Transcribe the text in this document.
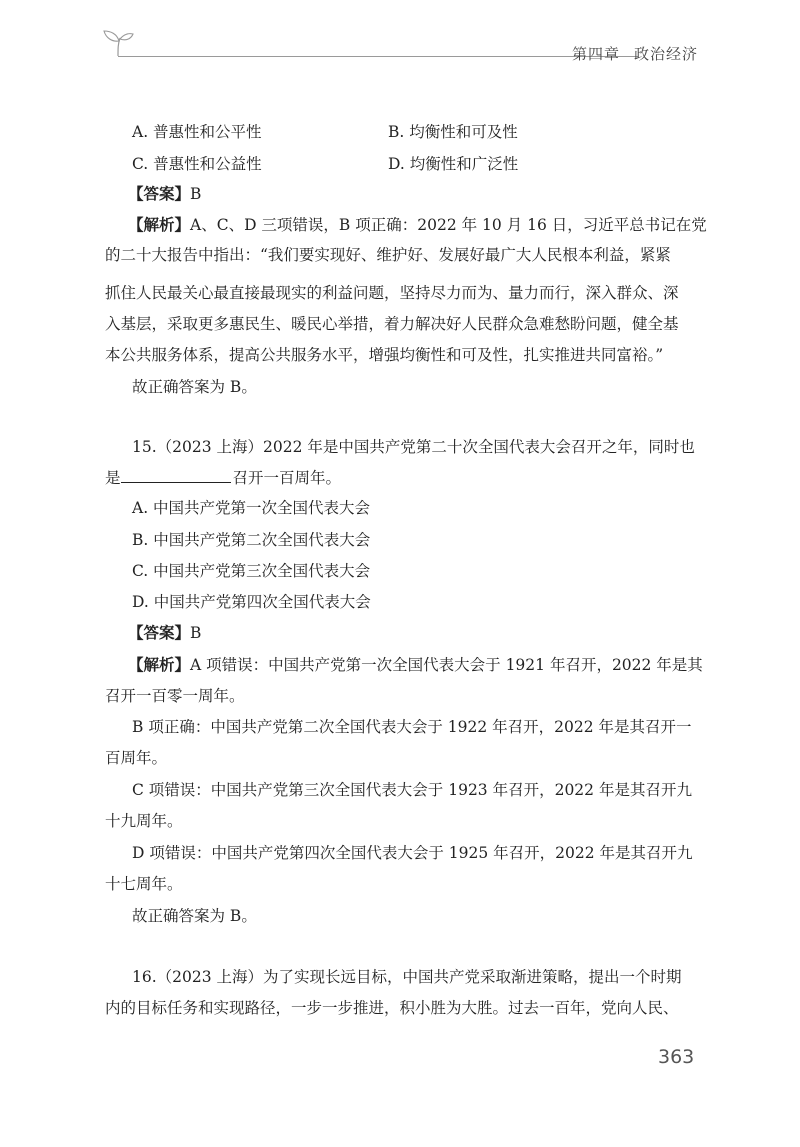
第四章 政治经济
A. 普惠性和公平性	B. 均衡性和可及性
C. 普惠性和公益性	D. 均衡性和广泛性
【答案】B
【解析】A、C、D 三项错误，B 项正确：2022 年 10 月 16 日，习近平总书记在党
的二十大报告中指出：“我们要实现好、维护好、发展好最广大人民根本利益，紧紧
抓住人民最关心最直接最现实的利益问题，坚持尽力而为、量力而行，深入群众、深
入基层，采取更多惠民生、暖民心举措，着力解决好人民群众急难愁盼问题，健全基
本公共服务体系，提高公共服务水平，增强均衡性和可及性，扎实推进共同富裕。”
故正确答案为 B。
15.（2023 上海）2022 年是中国共产党第二十次全国代表大会召开之年，同时也
是	召开一百周年。
A. 中国共产党第一次全国代表大会
B. 中国共产党第二次全国代表大会
C. 中国共产党第三次全国代表大会
D. 中国共产党第四次全国代表大会
【答案】B
【解析】A 项错误：中国共产党第一次全国代表大会于 1921 年召开，2022 年是其
召开一百零一周年。
B 项正确：中国共产党第二次全国代表大会于 1922 年召开，2022 年是其召开一
百周年。
C 项错误：中国共产党第三次全国代表大会于 1923 年召开，2022 年是其召开九
十九周年。
D 项错误：中国共产党第四次全国代表大会于 1925 年召开，2022 年是其召开九
十七周年。
故正确答案为 B。
16.（2023 上海）为了实现长远目标，中国共产党采取渐进策略，提出一个时期
内的目标任务和实现路径，一步一步推进，积小胜为大胜。过去一百年，党向人民、
363
